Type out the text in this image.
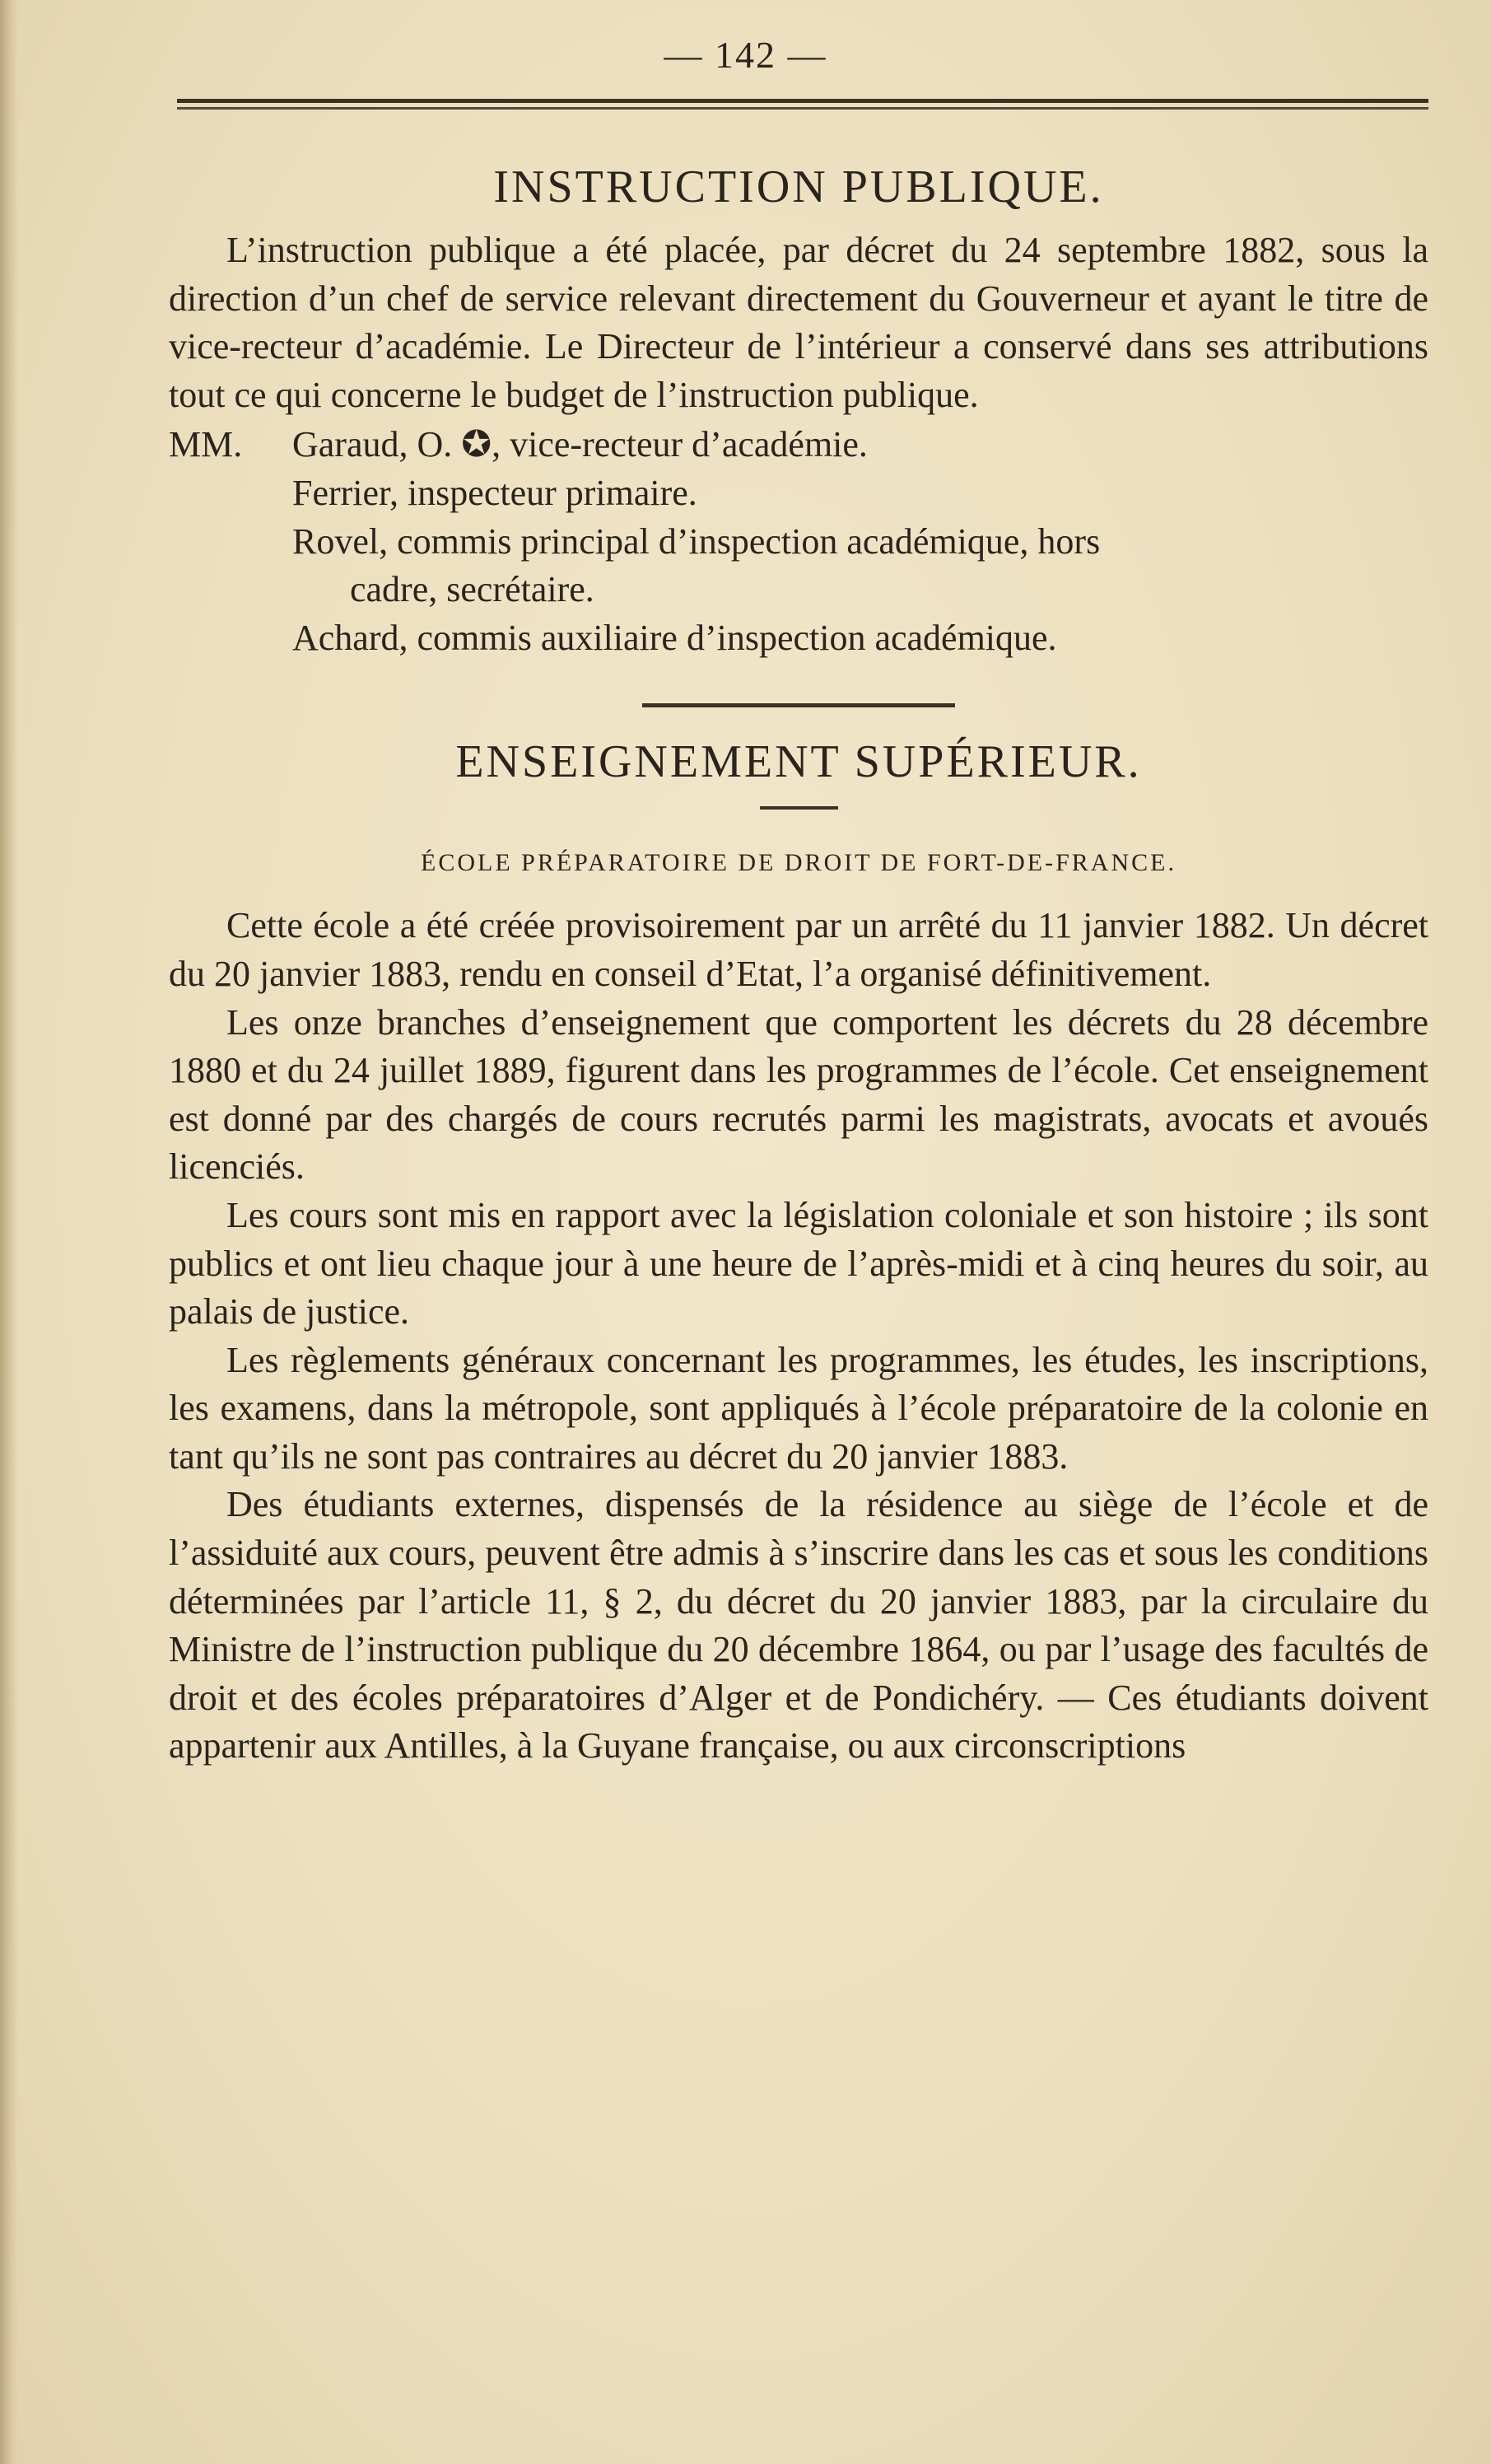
— 142 —
INSTRUCTION PUBLIQUE.

L’instruction publique a été placée, par décret du 24 septembre 1882, sous la direction d’un chef de service relevant directement du Gouverneur et ayant le titre de vice-recteur d’académie. Le Directeur de l’intérieur a conservé dans ses attributions tout ce qui concerne le budget de l’instruction publique.

MM.	Garaud, O. ✪, vice-recteur d’académie.
Ferrier, inspecteur primaire.
Rovel, commis principal d’inspection académique, hors
cadre, secrétaire.
Achard, commis auxiliaire d’inspection académique.
ENSEIGNEMENT SUPÉRIEUR.

ÉCOLE PRÉPARATOIRE DE DROIT DE FORT-DE-FRANCE.

Cette école a été créée provisoirement par un arrêté du 11 janvier 1882. Un décret du 20 janvier 1883, rendu en conseil d’Etat, l’a organisé définitivement.

Les onze branches d’enseignement que comportent les décrets du 28 décembre 1880 et du 24 juillet 1889, figurent dans les programmes de l’école. Cet enseignement est donné par des chargés de cours recrutés parmi les magistrats, avocats et avoués licenciés.

Les cours sont mis en rapport avec la législation coloniale et son histoire ; ils sont publics et ont lieu chaque jour à une heure de l’après-midi et à cinq heures du soir, au palais de justice.

Les règlements généraux concernant les programmes, les études, les inscriptions, les examens, dans la métropole, sont appliqués à l’école préparatoire de la colonie en tant qu’ils ne sont pas contraires au décret du 20 janvier 1883.

Des étudiants externes, dispensés de la résidence au siège de l’école et de l’assiduité aux cours, peuvent être admis à s’inscrire dans les cas et sous les conditions déterminées par l’article 11, § 2, du décret du 20 janvier 1883, par la circulaire du Ministre de l’instruction publique du 20 décembre 1864, ou par l’usage des facultés de droit et des écoles préparatoires d’Alger et de Pondichéry. — Ces étudiants doivent appartenir aux Antilles, à la Guyane française, ou aux circonscriptions
